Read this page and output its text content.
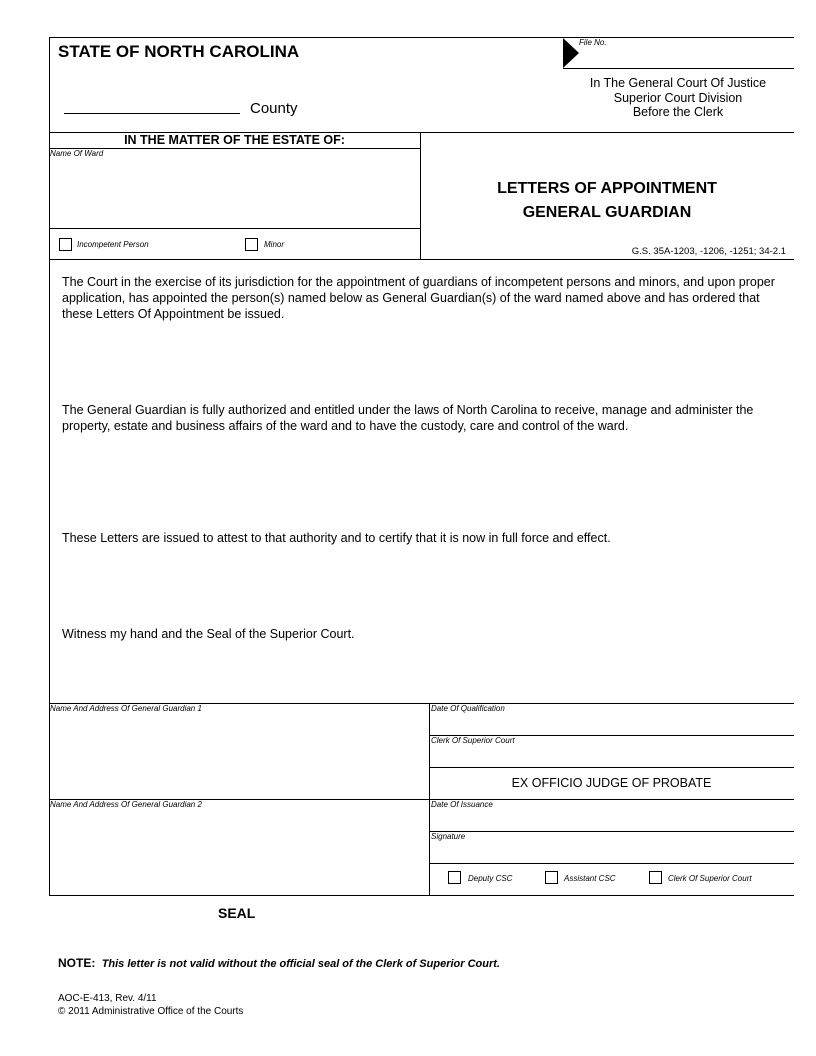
STATE OF NORTH CAROLINA
County
File No.
In The General Court Of Justice
Superior Court Division
Before the Clerk
IN THE MATTER OF THE ESTATE OF:
Name Of Ward
Incompetent Person	Minor
LETTERS OF APPOINTMENT
GENERAL GUARDIAN
G.S. 35A-1203, -1206, -1251; 34-2.1
The Court in the exercise of its jurisdiction for the appointment of guardians of incompetent persons and minors, and upon proper application, has appointed the person(s) named below as General Guardian(s) of the ward named above and has ordered that these Letters Of Appointment be issued.
The General Guardian is fully authorized and entitled under the laws of North Carolina to receive, manage and administer the property, estate and business affairs of the ward and to have the custody, care and control of the ward.
These Letters are issued to attest to that authority and to certify that it is now in full force and effect.
Witness my hand and the Seal of the Superior Court.
Name And Address Of General Guardian 1
Name And Address Of General Guardian 2
Date Of Qualification
Clerk Of Superior Court
EX OFFICIO JUDGE OF PROBATE
Date Of Issuance
Signature
Deputy CSC	Assistant CSC	Clerk Of Superior Court
SEAL
NOTE: This letter is not valid without the official seal of the Clerk of Superior Court.
AOC-E-413, Rev. 4/11
© 2011 Administrative Office of the Courts
